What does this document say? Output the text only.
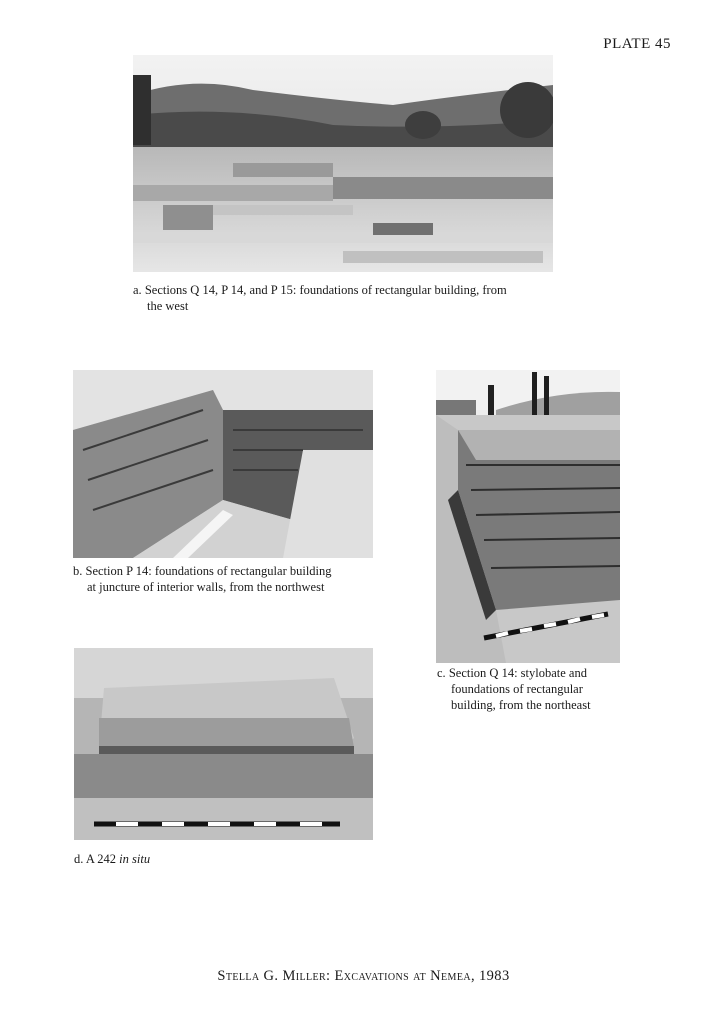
PLATE 45
a. Sections Q 14, P 14, and P 15: foundations of rectangular building, from
the west
b. Section P 14: foundations of rectangular building
at juncture of interior walls, from the northwest
c. Section Q 14: stylobate and
foundations of rectangular
building, from the northeast
d. A 242 in situ
Stella G. Miller: Excavations at Nemea, 1983
